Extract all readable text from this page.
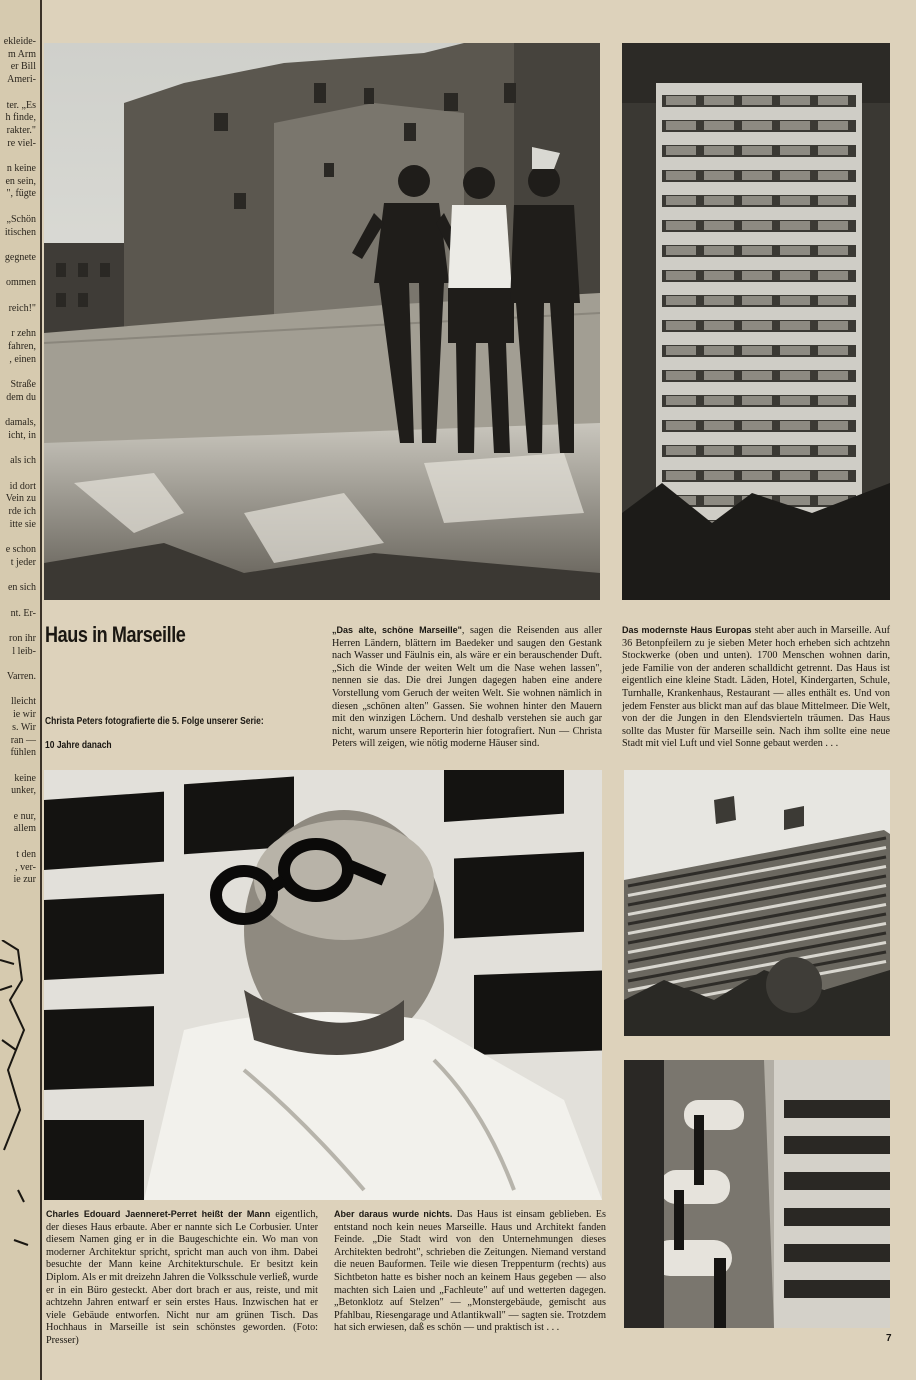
ekleide-
m Arm
er Bill
Ameri-
ter. „Es
h finde,
rakter."
re viel-
n keine
en sein,
", fügte
„Schön
itischen
gegnete
ommen
reich!"
r zehn
fahren,
, einen
Straße
dem du
damals,
icht, in
als ich
id dort
Vein zu
rde ich
itte sie
e schon
t jeder
en sich
nt. Er-
ron ihr
l leib-
Varren.
lleicht
ie wir
s. Wir
ran —
fühlen
keine
unker,
e nur,
allem
t den
, ver-
ie zur
Haus in Marseille
Christa Peters fotografierte die 5. Folge unserer Serie:
10 Jahre danach
„Das alte, schöne Marseille", sagen die Reisenden aus aller Herren Ländern, blättern im Baedeker und saugen den Gestank nach Wasser und Fäulnis ein, als wäre er ein berauschender Duft. „Sich die Winde der weiten Welt um die Nase wehen lassen", nennen sie das. Die drei Jungen dagegen haben eine andere Vorstellung vom Geruch der weiten Welt. Sie wohnen nämlich in diesen „schönen alten" Gassen. Sie wohnen hinter den Mauern mit den winzigen Löchern. Und deshalb verstehen sie auch gar nicht, warum unsere Reporterin hier fotografiert. Nun — Christa Peters will zeigen, wie nötig moderne Häuser sind.
Das modernste Haus Europas steht aber auch in Marseille. Auf 36 Betonpfeilern zu je sieben Meter hoch erheben sich achtzehn Stockwerke (oben und unten). 1700 Menschen wohnen darin, jede Familie von der anderen schalldicht getrennt. Das Haus ist eigentlich eine kleine Stadt. Läden, Hotel, Kindergarten, Schule, Turnhalle, Krankenhaus, Restaurant — alles enthält es. Und von jedem Fenster aus blickt man auf das blaue Mittelmeer. Die Welt, von der die Jungen in den Elendsvierteln träumen. Das Haus sollte das Muster für Marseille sein. Nach ihm sollte eine neue Stadt mit viel Luft und viel Sonne gebaut werden . . .
Charles Edouard Jaenneret-Perret heißt der Mann eigentlich, der dieses Haus erbaute. Aber er nannte sich Le Corbusier. Unter diesem Namen ging er in die Baugeschichte ein. Wo man von moderner Architektur spricht, spricht man auch von ihm. Dabei besuchte der Mann keine Architekturschule. Er besitzt kein Diplom. Als er mit dreizehn Jahren die Volksschule verließ, wurde er in ein Büro gesteckt. Aber dort brach er aus, reiste, und mit achtzehn Jahren entwarf er sein erstes Haus. Inzwischen hat er viele Gebäude entworfen. Nicht nur am grünen Tisch. Das Hochhaus in Marseille ist sein schönstes geworden. (Foto: Presser)
Aber daraus wurde nichts. Das Haus ist einsam geblieben. Es entstand noch kein neues Marseille. Haus und Architekt fanden Feinde. „Die Stadt wird von den Unternehmungen dieses Architekten bedroht", schrieben die Zeitungen. Niemand verstand die neuen Bauformen. Teile wie diesen Treppenturm (rechts) aus Sichtbeton hatte es bisher noch an keinem Haus gegeben — also machten sich Laien und „Fachleute" auf und wetterten dagegen. „Betonklotz auf Stelzen" — „Monstergebäude, gemischt aus Pfahlbau, Riesengarage und Atlantikwall" — sagten sie. Trotzdem hat sich erwiesen, daß es schön — und praktisch ist . . .
7
